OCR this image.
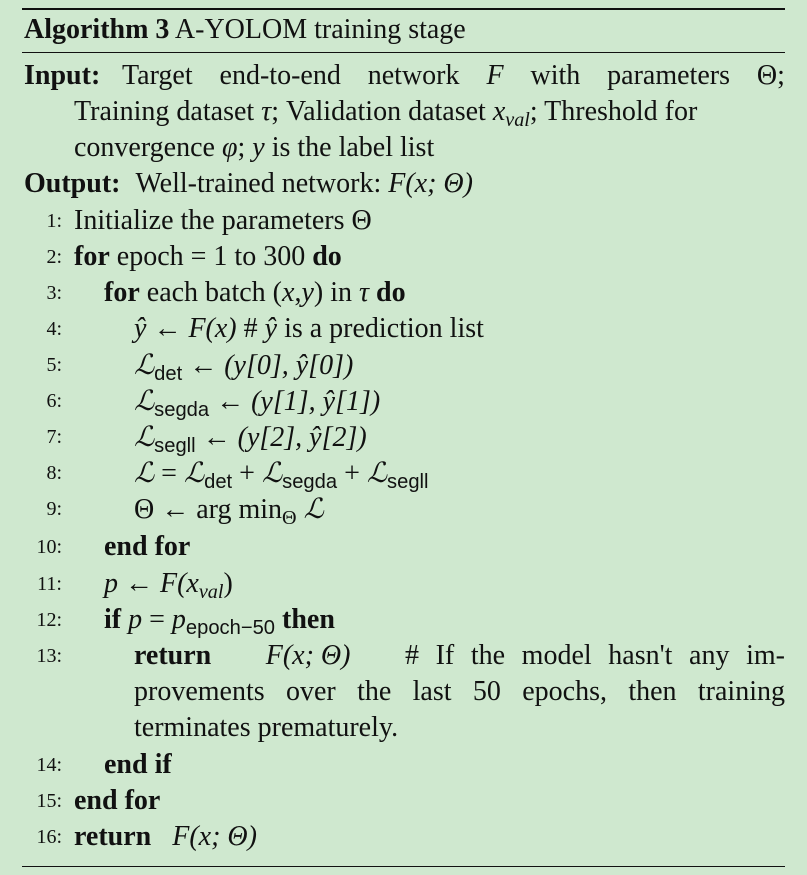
Algorithm 3 A-YOLOM training stage
Input: Target end-to-end network F with parameters Θ;
Training dataset τ; Validation dataset $x_{val}$; Threshold for
convergence φ; y is the label list
Output: Well-trained network: F(x; Θ)
1: Initialize the parameters Θ
2: for epoch = 1 to 300 do
3: for each batch (x,y) in τ do
4:	ŷ ← F(x) # ŷ is a prediction list
5:	ℒ$_{det}$ ← (y[0], ŷ[0])
6:	ℒ$_{segda}$ ← (y[1], ŷ[1])
7:	ℒ$_{segll}$ ← (y[2], ŷ[2])
8:	ℒ = ℒ$_{det}$ + ℒ$_{segda}$ + ℒ$_{segll}$
9:	Θ ← arg $\min_\Theta$ ℒ
10: end for
11: p ← $F(x_{val})$
12: if $p = p_{epoch-50}$ then
13:	return F(x; Θ) # If the model hasn't any im-
provements over the last 50 epochs, then training
terminates prematurely.
14: end if
15: end for
16: return F(x; Θ)
